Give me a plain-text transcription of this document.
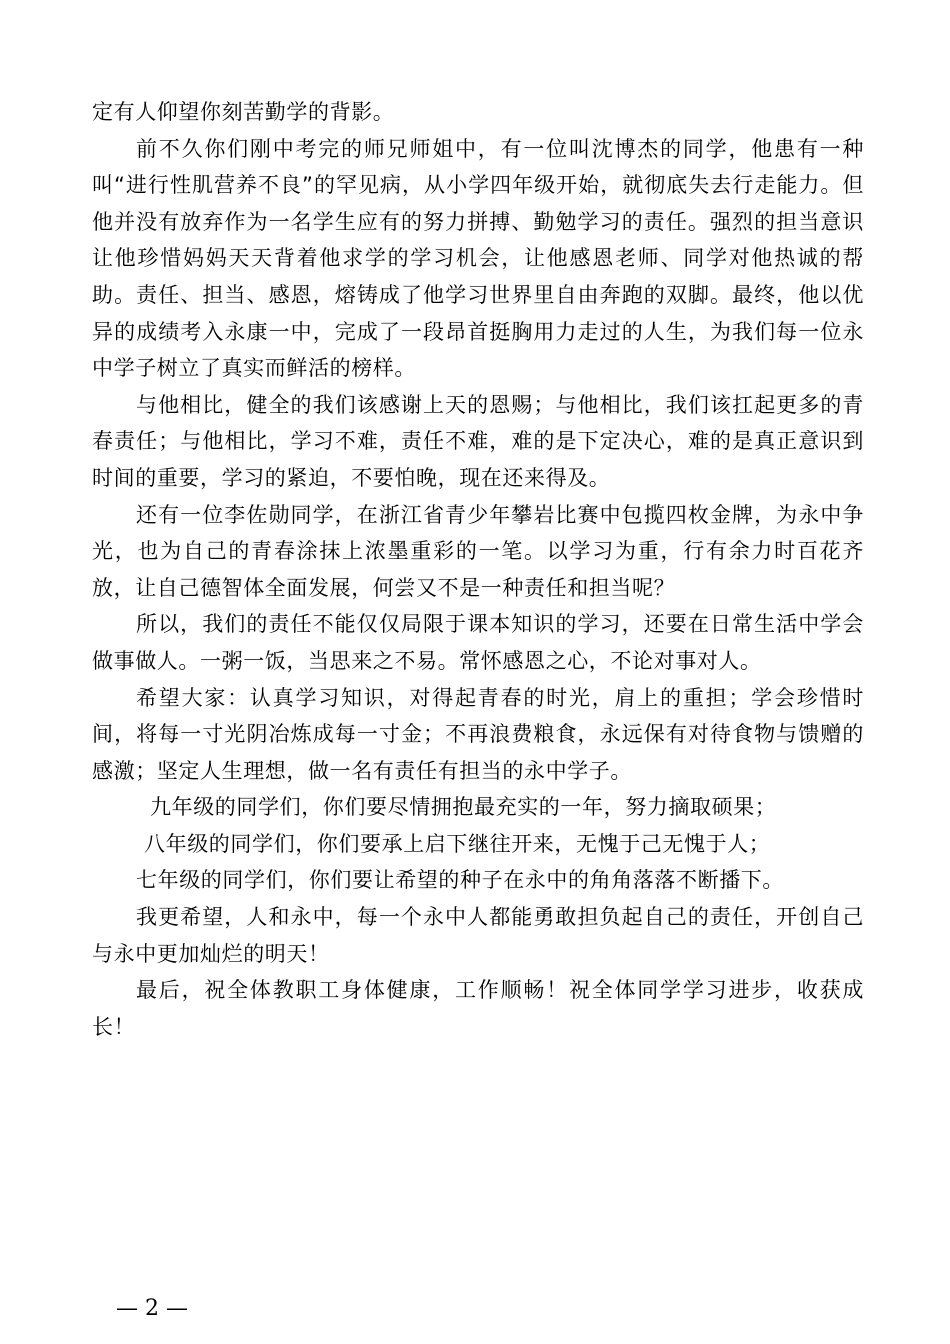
定有人仰望你刻苦勤学的背影。

前不久你们刚中考完的师兄师姐中，有一位叫沈博杰的同学，他患有一种叫“进行性肌营养不良”的罕见病，从小学四年级开始，就彻底失去行走能力。但他并没有放弃作为一名学生应有的努力拼搏、勤勉学习的责任。强烈的担当意识让他珍惜妈妈天天背着他求学的学习机会，让他感恩老师、同学对他热诚的帮助。责任、担当、感恩，熔铸成了他学习世界里自由奔跑的双脚。最终，他以优异的成绩考入永康一中，完成了一段昂首挺胸用力走过的人生，为我们每一位永中学子树立了真实而鲜活的榜样。

与他相比，健全的我们该感谢上天的恩赐；与他相比，我们该扛起更多的青春责任；与他相比，学习不难，责任不难，难的是下定决心，难的是真正意识到时间的重要，学习的紧迫，不要怕晚，现在还来得及。

还有一位李佐勋同学，在浙江省青少年攀岩比赛中包揽四枚金牌，为永中争光，也为自己的青春涂抹上浓墨重彩的一笔。以学习为重，行有余力时百花齐放，让自己德智体全面发展，何尝又不是一种责任和担当呢？

所以，我们的责任不能仅仅局限于课本知识的学习，还要在日常生活中学会做事做人。一粥一饭，当思来之不易。常怀感恩之心，不论对事对人。

希望大家：认真学习知识，对得起青春的时光，肩上的重担；学会珍惜时间，将每一寸光阴冶炼成每一寸金；不再浪费粮食，永远保有对待食物与馈赠的感激；坚定人生理想，做一名有责任有担当的永中学子。

九年级的同学们，你们要尽情拥抱最充实的一年，努力摘取硕果；

八年级的同学们，你们要承上启下继往开来，无愧于己无愧于人；

七年级的同学们，你们要让希望的种子在永中的角角落落不断播下。

我更希望，人和永中，每一个永中人都能勇敢担负起自己的责任，开创自己与永中更加灿烂的明天！

最后，祝全体教职工身体健康，工作顺畅！祝全体同学学习进步，收获成长！

— 2 —
